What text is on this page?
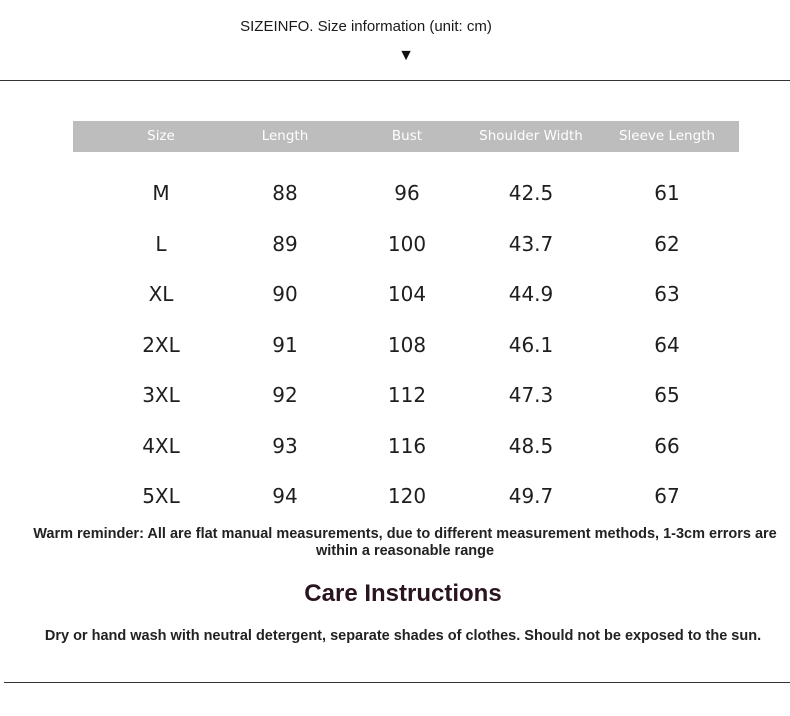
SIZEINFO. Size information (unit: cm)
▼
Size	Length	Bust	Shoulder Width	Sleeve Length
M	88	96	42.5	61
L	89	100	43.7	62
XL	90	104	44.9	63
2XL	91	108	46.1	64
3XL	92	112	47.3	65
4XL	93	116	48.5	66
5XL	94	120	49.7	67
Warm reminder: All are flat manual measurements, due to different measurement methods, 1-3cm errors are within a reasonable range
Care Instructions
Dry or hand wash with neutral detergent, separate shades of clothes. Should not be exposed to the sun.
